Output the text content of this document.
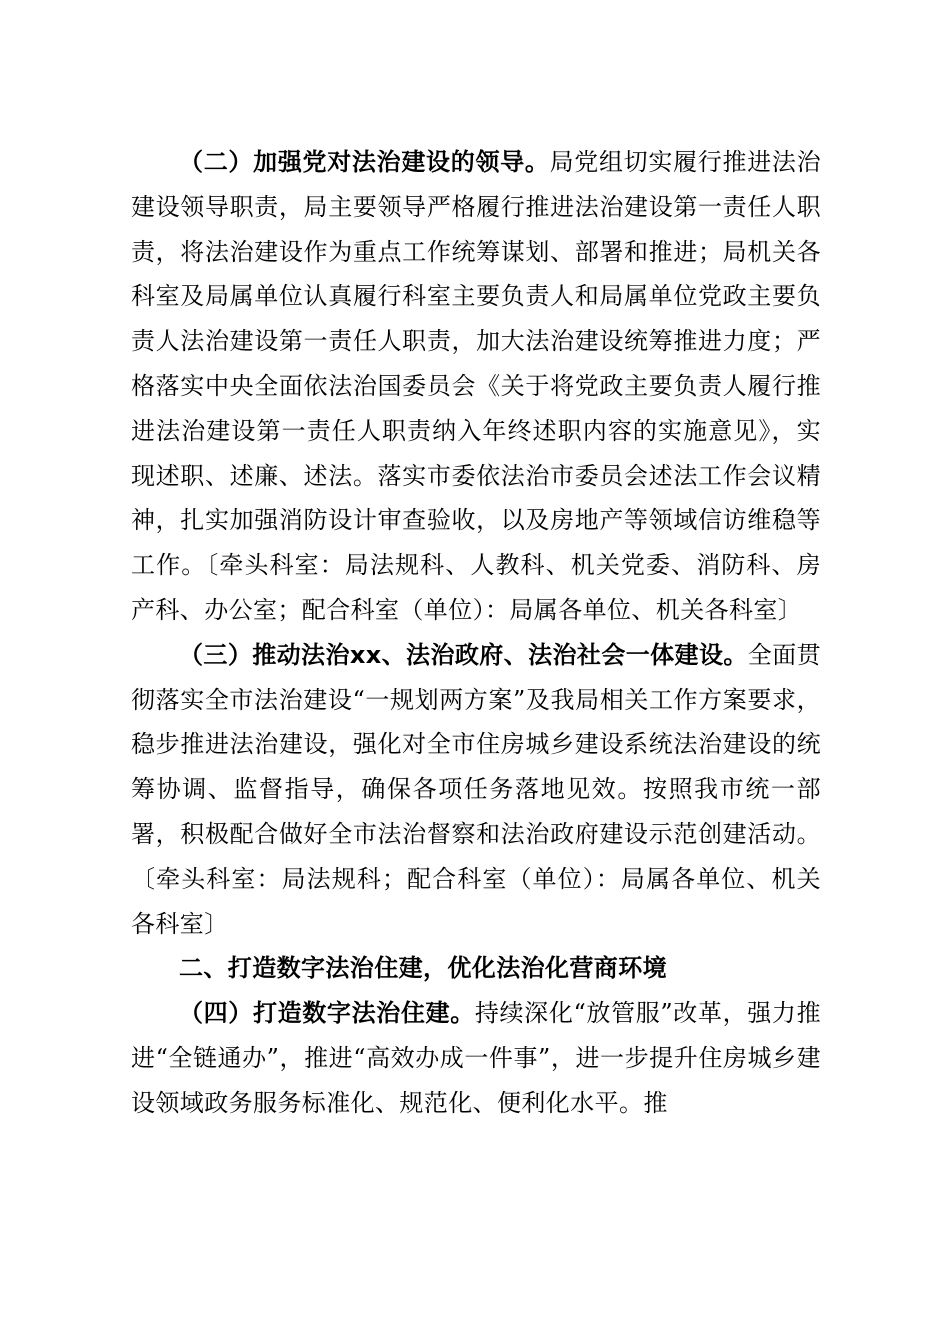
（二）加强党对法治建设的领导。局党组切实履行推进法治建设领导职责，局主要领导严格履行推进法治建设第一责任人职责，将法治建设作为重点工作统筹谋划、部署和推进；局机关各科室及局属单位认真履行科室主要负责人和局属单位党政主要负责人法治建设第一责任人职责，加大法治建设统筹推进力度；严格落实中央全面依法治国委员会《关于将党政主要负责人履行推进法治建设第一责任人职责纳入年终述职内容的实施意见》，实现述职、述廉、述法。落实市委依法治市委员会述法工作会议精神，扎实加强消防设计审查验收，以及房地产等领域信访维稳等工作。〔牵头科室：局法规科、人教科、机关党委、消防科、房产科、办公室；配合科室（单位）：局属各单位、机关各科室〕

（三）推动法治xx、法治政府、法治社会一体建设。全面贯彻落实全市法治建设“一规划两方案”及我局相关工作方案要求，稳步推进法治建设，强化对全市住房城乡建设系统法治建设的统筹协调、监督指导，确保各项任务落地见效。按照我市统一部署，积极配合做好全市法治督察和法治政府建设示范创建活动。〔牵头科室：局法规科；配合科室（单位）：局属各单位、机关各科室〕

二、打造数字法治住建，优化法治化营商环境

（四）打造数字法治住建。持续深化“放管服”改革，强力推进“全链通办”，推进“高效办成一件事”，进一步提升住房城乡建设领域政务服务标准化、规范化、便利化水平。推
